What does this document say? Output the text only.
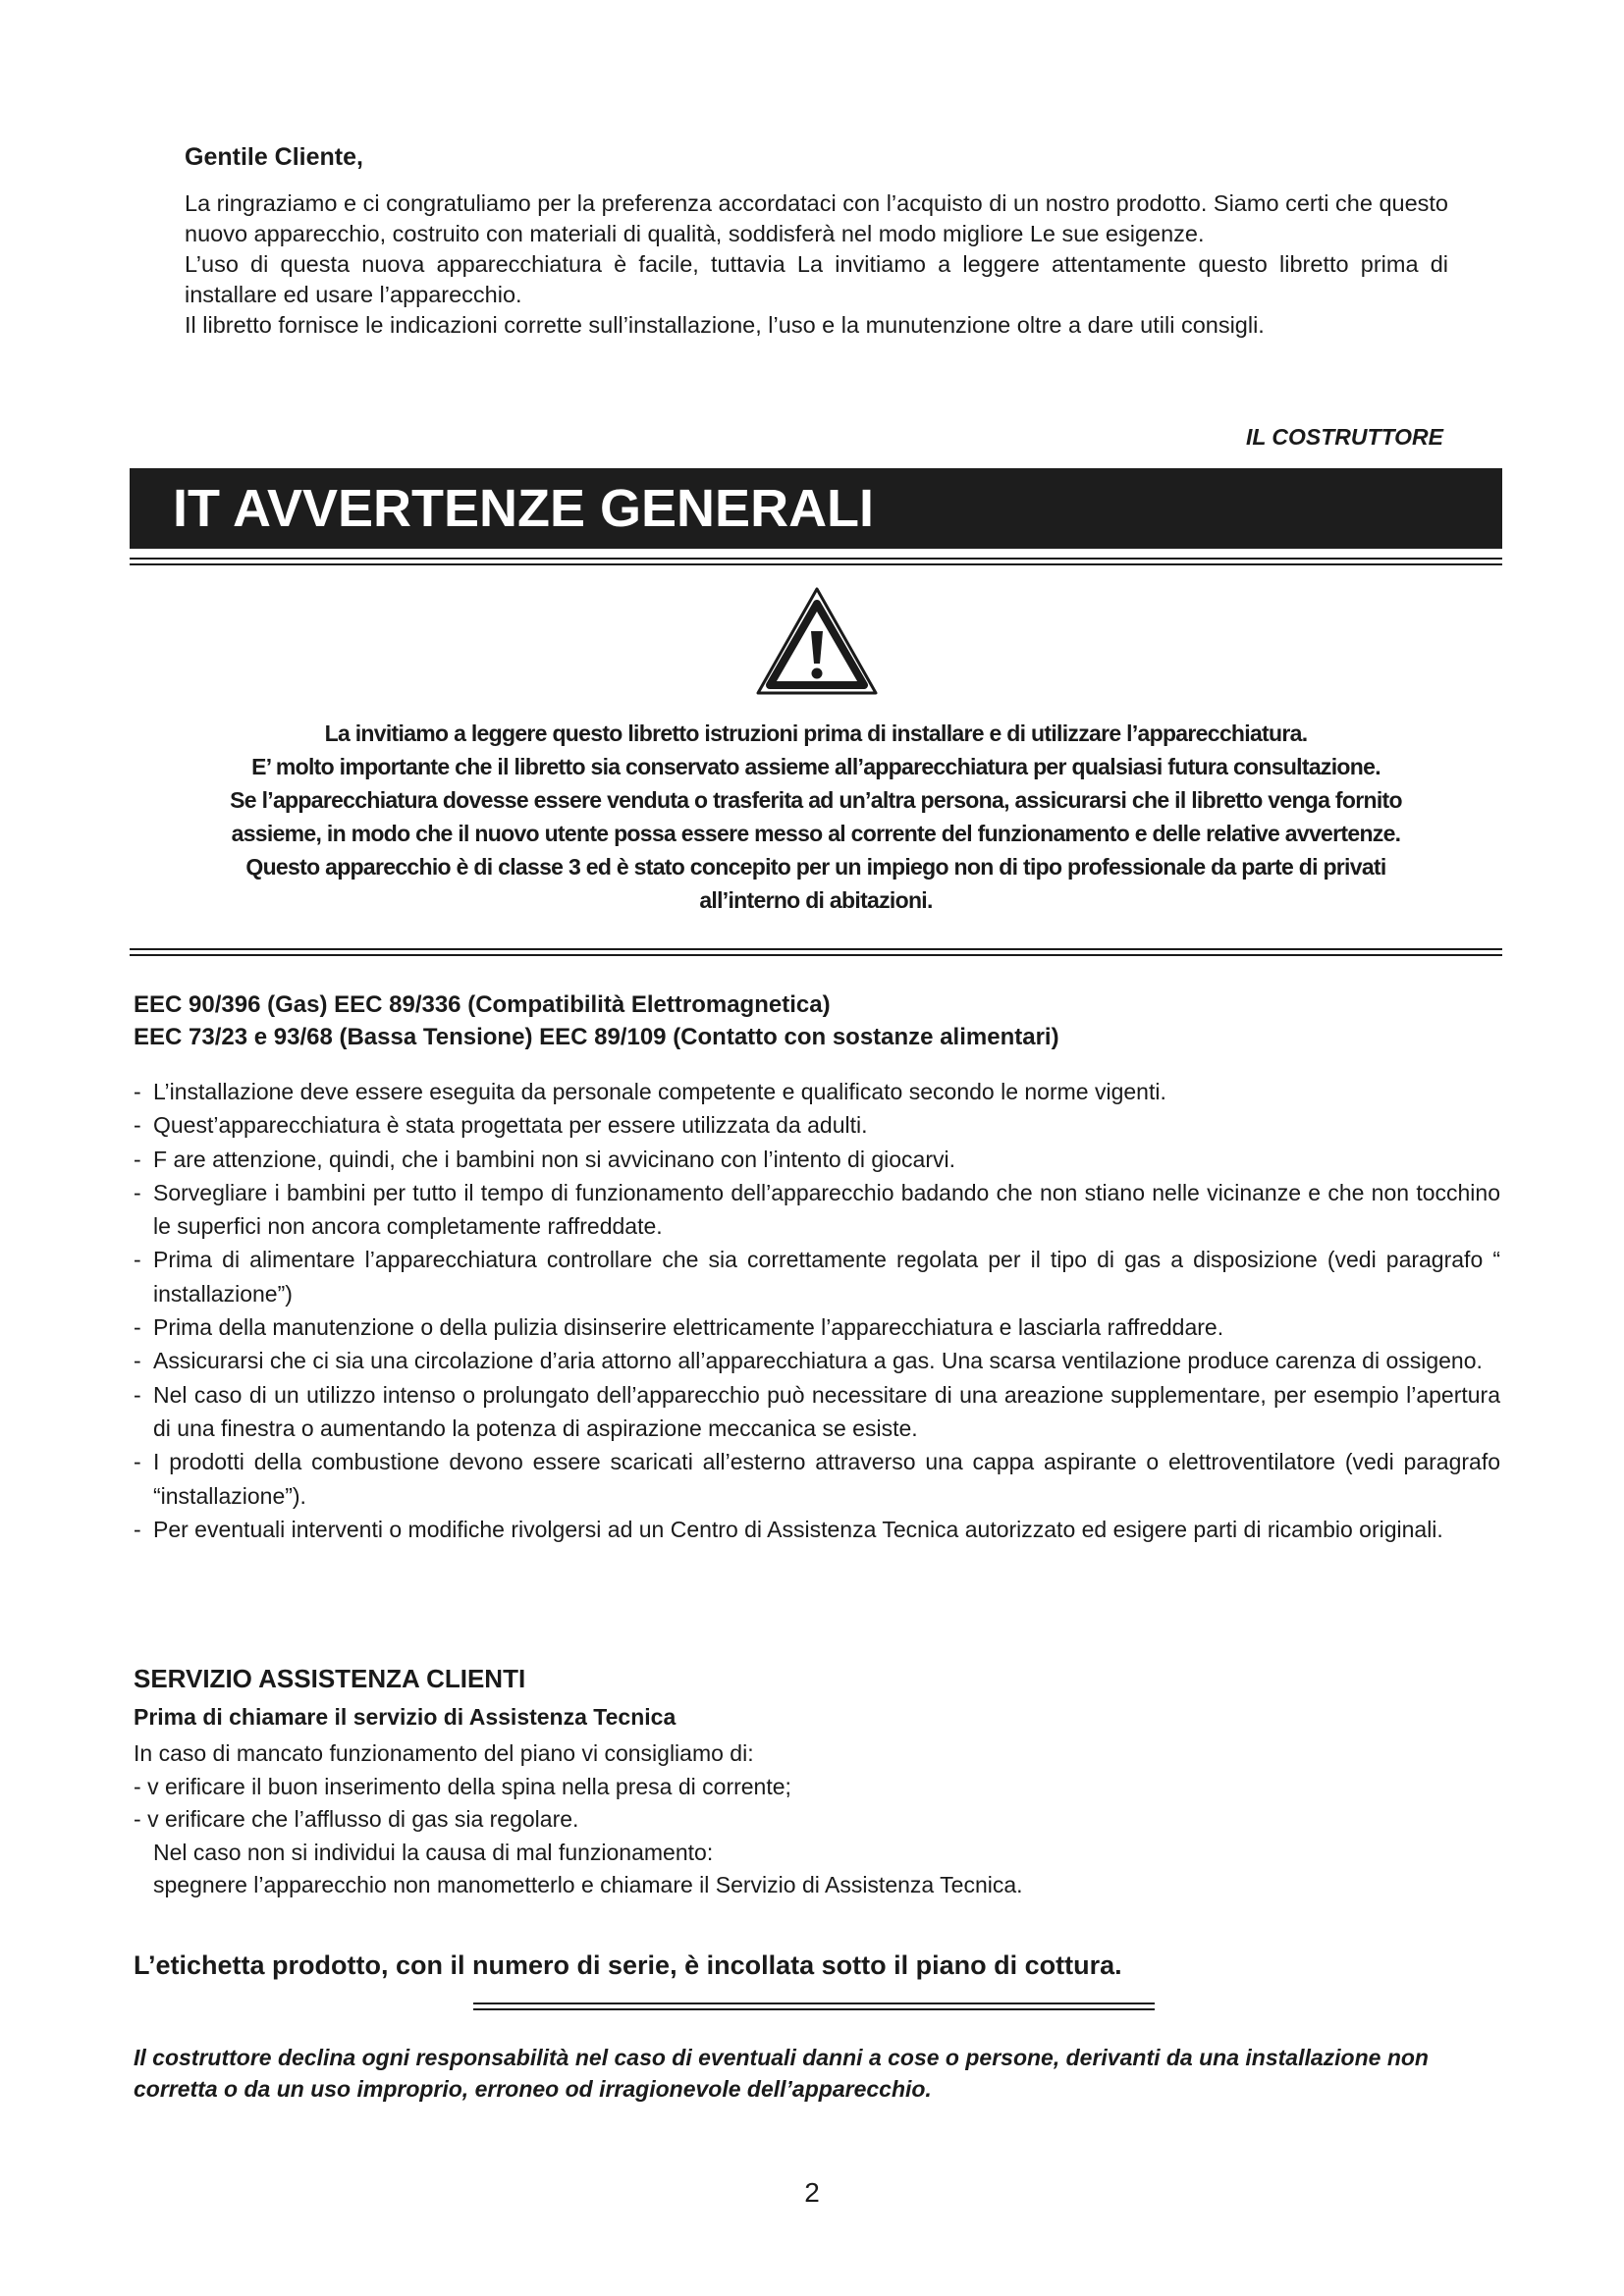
Gentile Cliente,

La ringraziamo e ci congratuliamo per la preferenza accordataci con l’acquisto di un nostro prodotto. Siamo certi che questo nuovo apparecchio, costruito con materiali di qualità, soddisferà nel modo migliore Le sue esigenze.

L’uso di questa nuova apparecchiatura è facile, tuttavia La invitiamo a leggere attentamente questo libretto prima di installare ed usare l’apparecchio.

Il libretto fornisce le indicazioni corrette sull’installazione, l’uso e la munutenzione oltre a dare utili consigli.

IL COSTRUTTORE
IT AVVERTENZE GENERALI
La invitiamo a leggere questo libretto istruzioni prima di installare e di utilizzare l’apparecchiatura.
E’ molto importante che il libretto sia conservato assieme all’apparecchiatura per qualsiasi futura consultazione.
Se l’apparecchiatura dovesse essere venduta o trasferita ad un’altra persona, assicurarsi che il libretto venga fornito
assieme, in modo che il nuovo utente possa essere messo al corrente del funzionamento e delle relative avvertenze.
Questo apparecchio è di classe 3 ed è stato concepito per un impiego non di tipo professionale da parte di privati
all’interno di abitazioni.
EEC 90/396 (Gas) EEC 89/336 (Compatibilità Elettromagnetica)
EEC 73/23 e 93/68 (Bassa Tensione) EEC 89/109 (Contatto con sostanze alimentari)
- L’installazione deve essere eseguita da personale competente e qualificato secondo le norme vigenti.
- Quest’apparecchiatura è stata progettata per essere utilizzata da adulti.
- F are attenzione, quindi, che i bambini non si avvicinano con l’intento di giocarvi.
- Sorvegliare i bambini per tutto il tempo di funzionamento dell’apparecchio badando che non stiano nelle vicinanze e che non tocchino le superfici non ancora completamente raffreddate.
- Prima di alimentare l’apparecchiatura controllare che sia correttamente regolata per il tipo di gas a disposizione (vedi paragrafo “ installazione”)
- Prima della manutenzione o della pulizia disinserire elettricamente l’apparecchiatura e lasciarla raffreddare.
- Assicurarsi che ci sia una circolazione d’aria attorno all’apparecchiatura a gas. Una scarsa ventilazione produce carenza di ossigeno.
- Nel caso di un utilizzo intenso o prolungato dell’apparecchio può necessitare di una areazione supplementare, per esempio l’apertura di una finestra o aumentando la potenza di aspirazione meccanica se esiste.
- I prodotti della combustione devono essere scaricati all’esterno attraverso una cappa aspirante o elettroventilatore (vedi paragrafo “installazione”).
- Per eventuali interventi o modifiche rivolgersi ad un Centro di Assistenza Tecnica autorizzato ed esigere parti di ricambio originali.
SERVIZIO ASSISTENZA CLIENTI
Prima di chiamare il servizio di Assistenza Tecnica
In caso di mancato funzionamento del piano vi consigliamo di:
- v erificare il buon inserimento della spina nella presa di corrente;
- v erificare che l’afflusso di gas sia regolare.
Nel caso non si individui la causa di mal funzionamento:
spegnere l’apparecchio non manometterlo e chiamare il Servizio di Assistenza Tecnica.
L’etichetta prodotto, con il numero di serie, è incollata sotto il piano di cottura.
Il costruttore declina ogni responsabilità nel caso di eventuali danni a cose o persone, derivanti da una installazione non corretta o da un uso improprio, erroneo od irragionevole dell’apparecchio.
2
